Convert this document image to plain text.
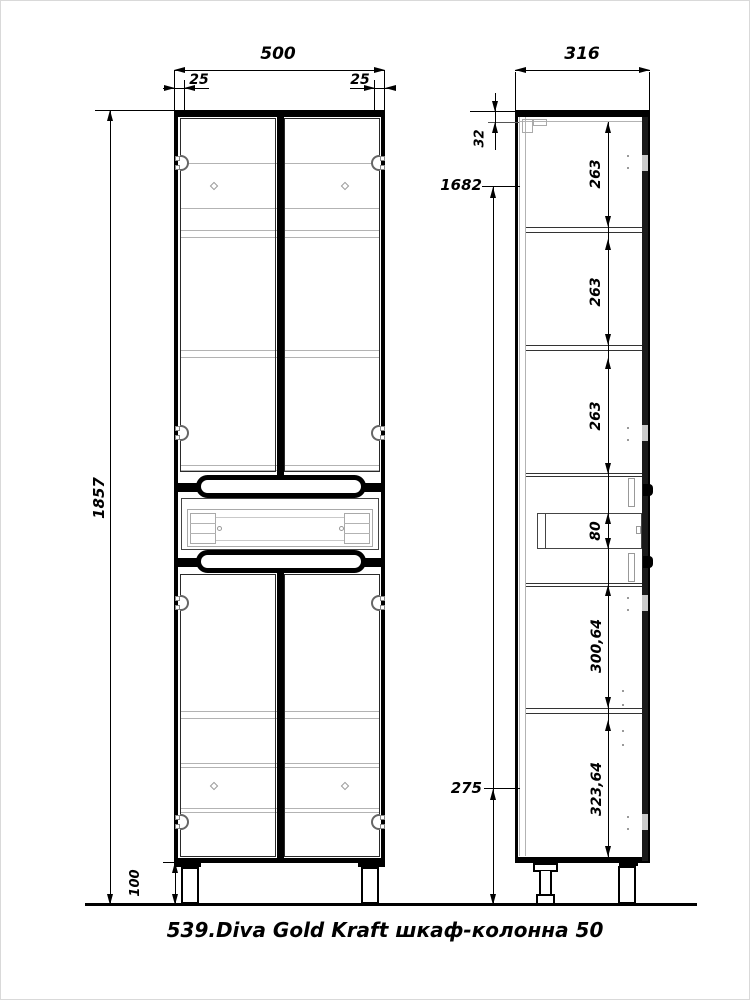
500
25	25
1857
100
316
32
1682
275
263
263
263
80
300,64
323,64
539.Diva Gold Kraft шкаф-колонна 50
